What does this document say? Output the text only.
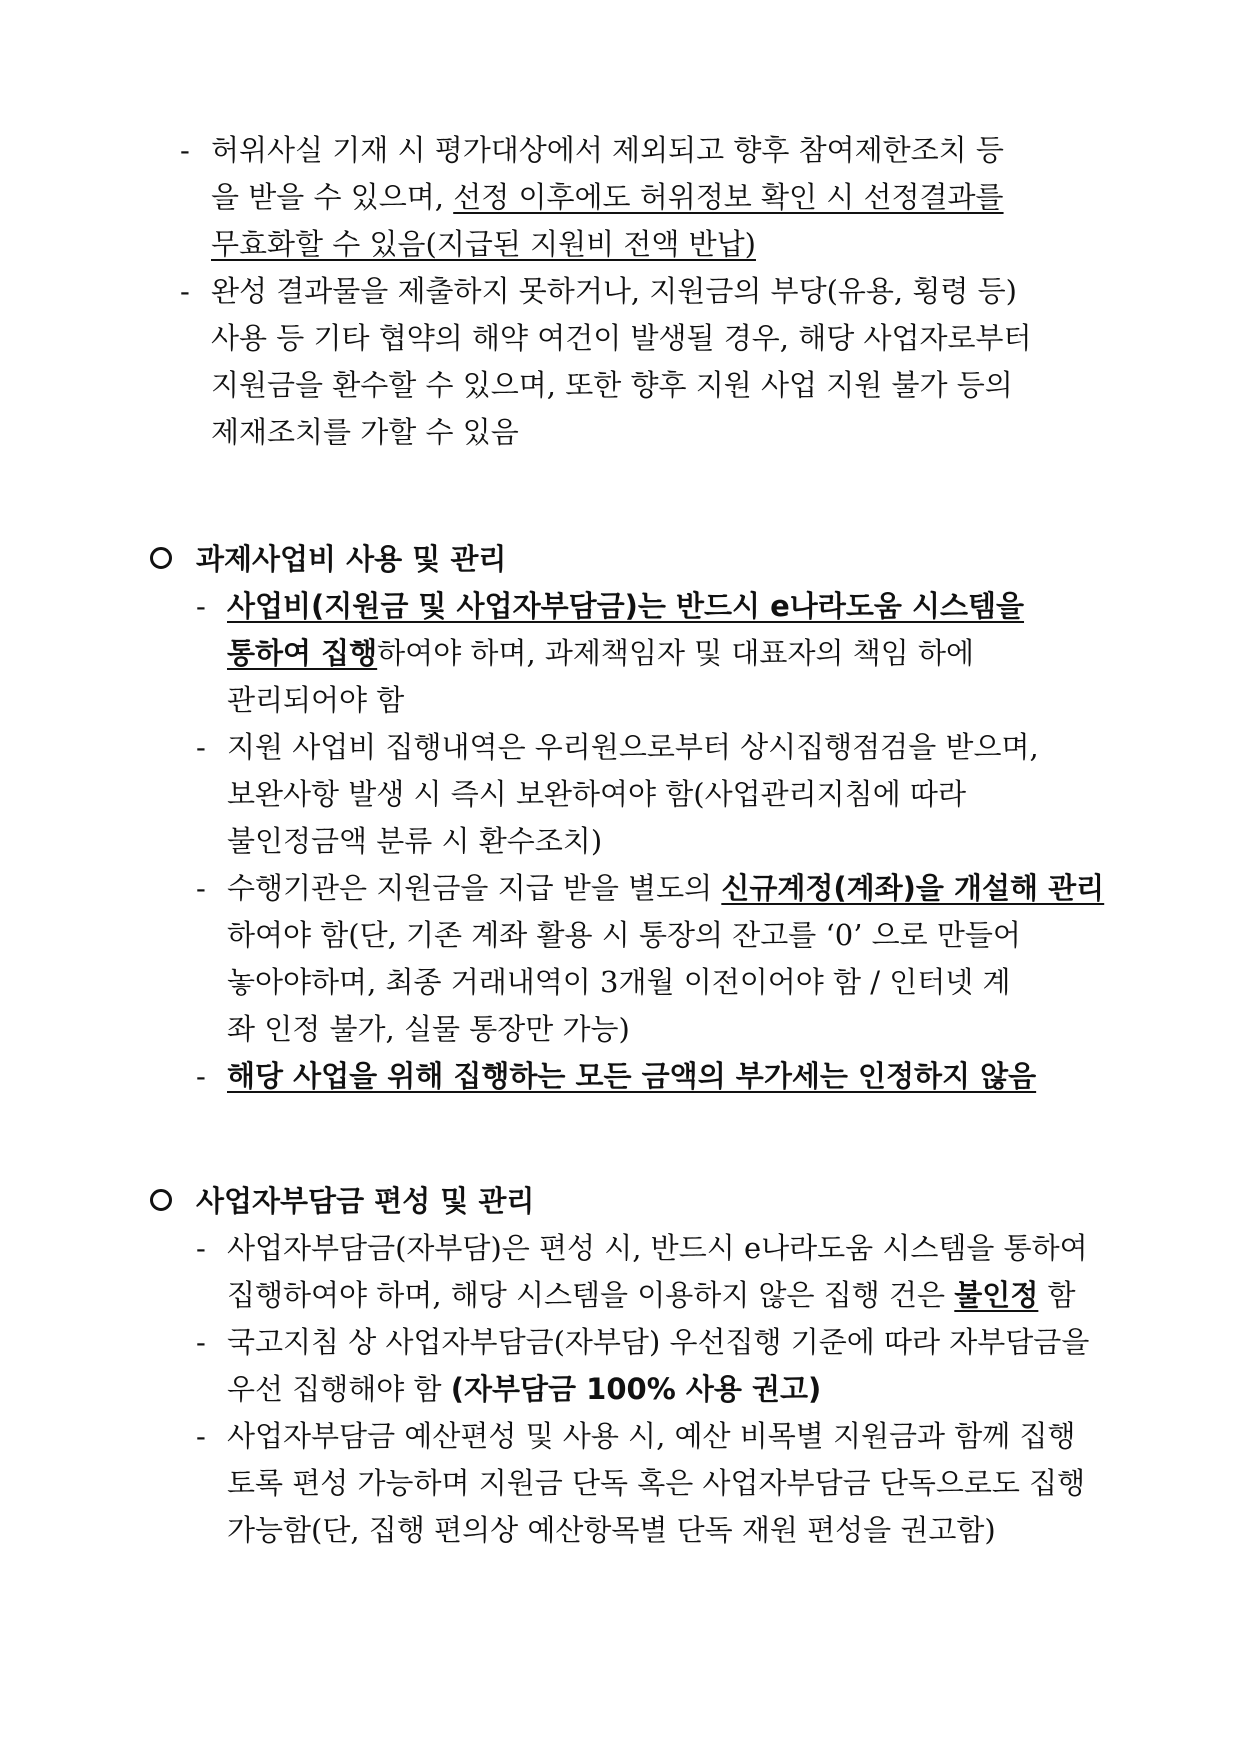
- 허위사실 기재 시 평가대상에서 제외되고 향후 참여제한조치 등
을 받을 수 있으며, 선정 이후에도 허위정보 확인 시 선정결과를
무효화할 수 있음(지급된 지원비 전액 반납)
- 완성 결과물을 제출하지 못하거나, 지원금의 부당(유용, 횡령 등)
사용 등 기타 협약의 해약 여건이 발생될 경우, 해당 사업자로부터
지원금을 환수할 수 있으며, 또한 향후 지원 사업 지원 불가 등의
제재조치를 가할 수 있음
과제사업비 사용 및 관리
- 사업비(지원금 및 사업자부담금)는 반드시 e나라도움 시스템을
통하여 집행하여야 하며, 과제책임자 및 대표자의 책임 하에
관리되어야 함
- 지원 사업비 집행내역은 우리원으로부터 상시집행점검을 받으며,
보완사항 발생 시 즉시 보완하여야 함(사업관리지침에 따라
불인정금액 분류 시 환수조치)
- 수행기관은 지원금을 지급 받을 별도의 신규계정(계좌)을 개설해 관리
하여야 함(단, 기존 계좌 활용 시 통장의 잔고를 ‘0’ 으로 만들어
놓아야하며, 최종 거래내역이 3개월 이전이어야 함 / 인터넷 계
좌 인정 불가, 실물 통장만 가능)
- 해당 사업을 위해 집행하는 모든 금액의 부가세는 인정하지 않음
사업자부담금 편성 및 관리
- 사업자부담금(자부담)은 편성 시, 반드시 e나라도움 시스템을 통하여
집행하여야 하며, 해당 시스템을 이용하지 않은 집행 건은 불인정 함
- 국고지침 상 사업자부담금(자부담) 우선집행 기준에 따라 자부담금을
우선 집행해야 함 (자부담금 100% 사용 권고)
- 사업자부담금 예산편성 및 사용 시, 예산 비목별 지원금과 함께 집행
토록 편성 가능하며 지원금 단독 혹은 사업자부담금 단독으로도 집행
가능함(단, 집행 편의상 예산항목별 단독 재원 편성을 권고함)
